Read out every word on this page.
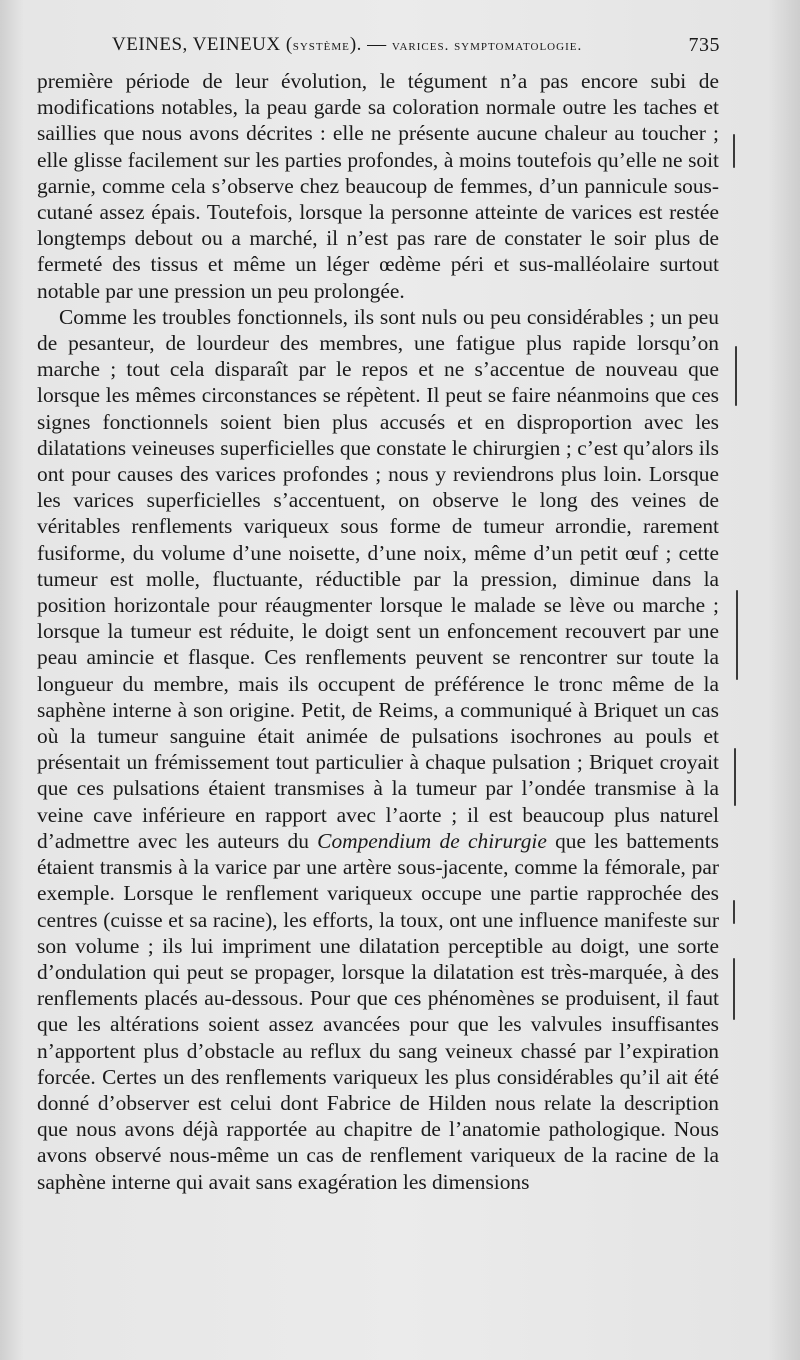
VEINES, VEINEUX (système). — varices. symptomatologie.	735

première période de leur évolution, le tégument n’a pas encore subi de modifications notables, la peau garde sa coloration normale outre les taches et saillies que nous avons décrites : elle ne présente aucune chaleur au toucher ; elle glisse facilement sur les parties profondes, à moins toutefois qu’elle ne soit garnie, comme cela s’observe chez beaucoup de femmes, d’un pannicule sous-cutané assez épais. Toutefois, lorsque la personne atteinte de varices est restée longtemps debout ou a marché, il n’est pas rare de constater le soir plus de fermeté des tissus et même un léger œdème péri et sus-malléolaire surtout notable par une pression un peu prolongée.

Comme les troubles fonctionnels, ils sont nuls ou peu considérables ; un peu de pesanteur, de lourdeur des membres, une fatigue plus rapide lorsqu’on marche ; tout cela disparaît par le repos et ne s’accentue de nouveau que lorsque les mêmes circonstances se répètent. Il peut se faire néanmoins que ces signes fonctionnels soient bien plus accusés et en disproportion avec les dilatations veineuses superficielles que constate le chirurgien ; c’est qu’alors ils ont pour causes des varices profondes ; nous y reviendrons plus loin. Lorsque les varices superficielles s’accentuent, on observe le long des veines de véritables renflements variqueux sous forme de tumeur arrondie, rarement fusiforme, du volume d’une noisette, d’une noix, même d’un petit œuf ; cette tumeur est molle, fluctuante, réductible par la pression, diminue dans la position horizontale pour réaugmenter lorsque le malade se lève ou marche ; lorsque la tumeur est réduite, le doigt sent un enfoncement recouvert par une peau amincie et flasque. Ces renflements peuvent se rencontrer sur toute la longueur du membre, mais ils occupent de préférence le tronc même de la saphène interne à son origine. Petit, de Reims, a communiqué à Briquet un cas où la tumeur sanguine était animée de pulsations isochrones au pouls et présentait un frémissement tout particulier à chaque pulsation ; Briquet croyait que ces pulsations étaient transmises à la tumeur par l’ondée transmise à la veine cave inférieure en rapport avec l’aorte ; il est beaucoup plus naturel d’admettre avec les auteurs du Compendium de chirurgie que les battements étaient transmis à la varice par une artère sous-jacente, comme la fémorale, par exemple. Lorsque le renflement variqueux occupe une partie rapprochée des centres (cuisse et sa racine), les efforts, la toux, ont une influence manifeste sur son volume ; ils lui impriment une dilatation perceptible au doigt, une sorte d’ondulation qui peut se propager, lorsque la dilatation est très-marquée, à des renflements placés au-dessous. Pour que ces phénomènes se produisent, il faut que les altérations soient assez avancées pour que les valvules insuffisantes n’apportent plus d’obstacle au reflux du sang veineux chassé par l’expiration forcée. Certes un des renflements variqueux les plus considérables qu’il ait été donné d’observer est celui dont Fabrice de Hilden nous relate la description que nous avons déjà rapportée au chapitre de l’anatomie pathologique. Nous avons observé nous-même un cas de renflement variqueux de la racine de la saphène interne qui avait sans exagération les dimensions
